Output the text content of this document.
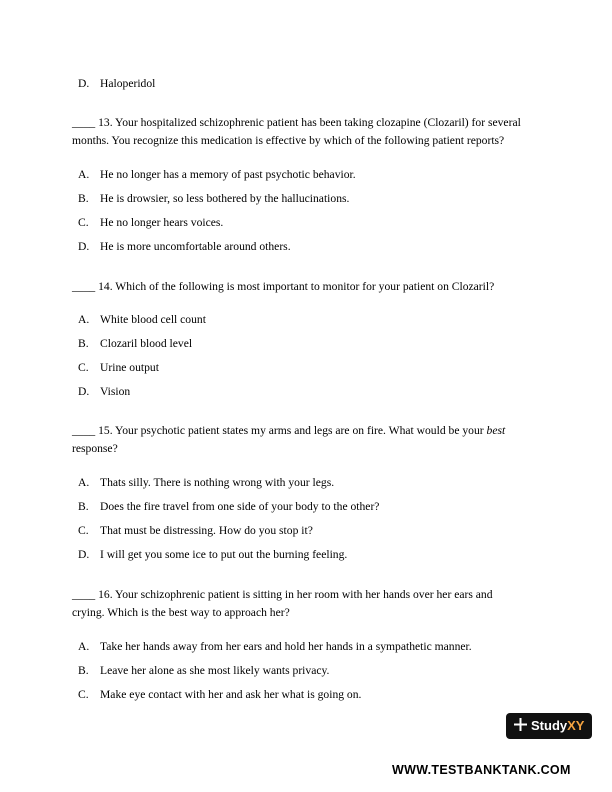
D. Haloperidol
____ 13. Your hospitalized schizophrenic patient has been taking clozapine (Clozaril) for several
months. You recognize this medication is effective by which of the following patient reports?
A. He no longer has a memory of past psychotic behavior.
B. He is drowsier, so less bothered by the hallucinations.
C. He no longer hears voices.
D. He is more uncomfortable around others.
____ 14. Which of the following is most important to monitor for your patient on Clozaril?
A. White blood cell count
B. Clozaril blood level
C. Urine output
D. Vision
____ 15. Your psychotic patient states my arms and legs are on fire. What would be your best
response?
A. Thats silly. There is nothing wrong with your legs.
B. Does the fire travel from one side of your body to the other?
C. That must be distressing. How do you stop it?
D. I will get you some ice to put out the burning feeling.
____ 16. Your schizophrenic patient is sitting in her room with her hands over her ears and
crying. Which is the best way to approach her?
A. Take her hands away from her ears and hold her hands in a sympathetic manner.
B. Leave her alone as she most likely wants privacy.
C. Make eye contact with her and ask her what is going on.
StudyXY
WWW.TESTBANKTANK.COM
